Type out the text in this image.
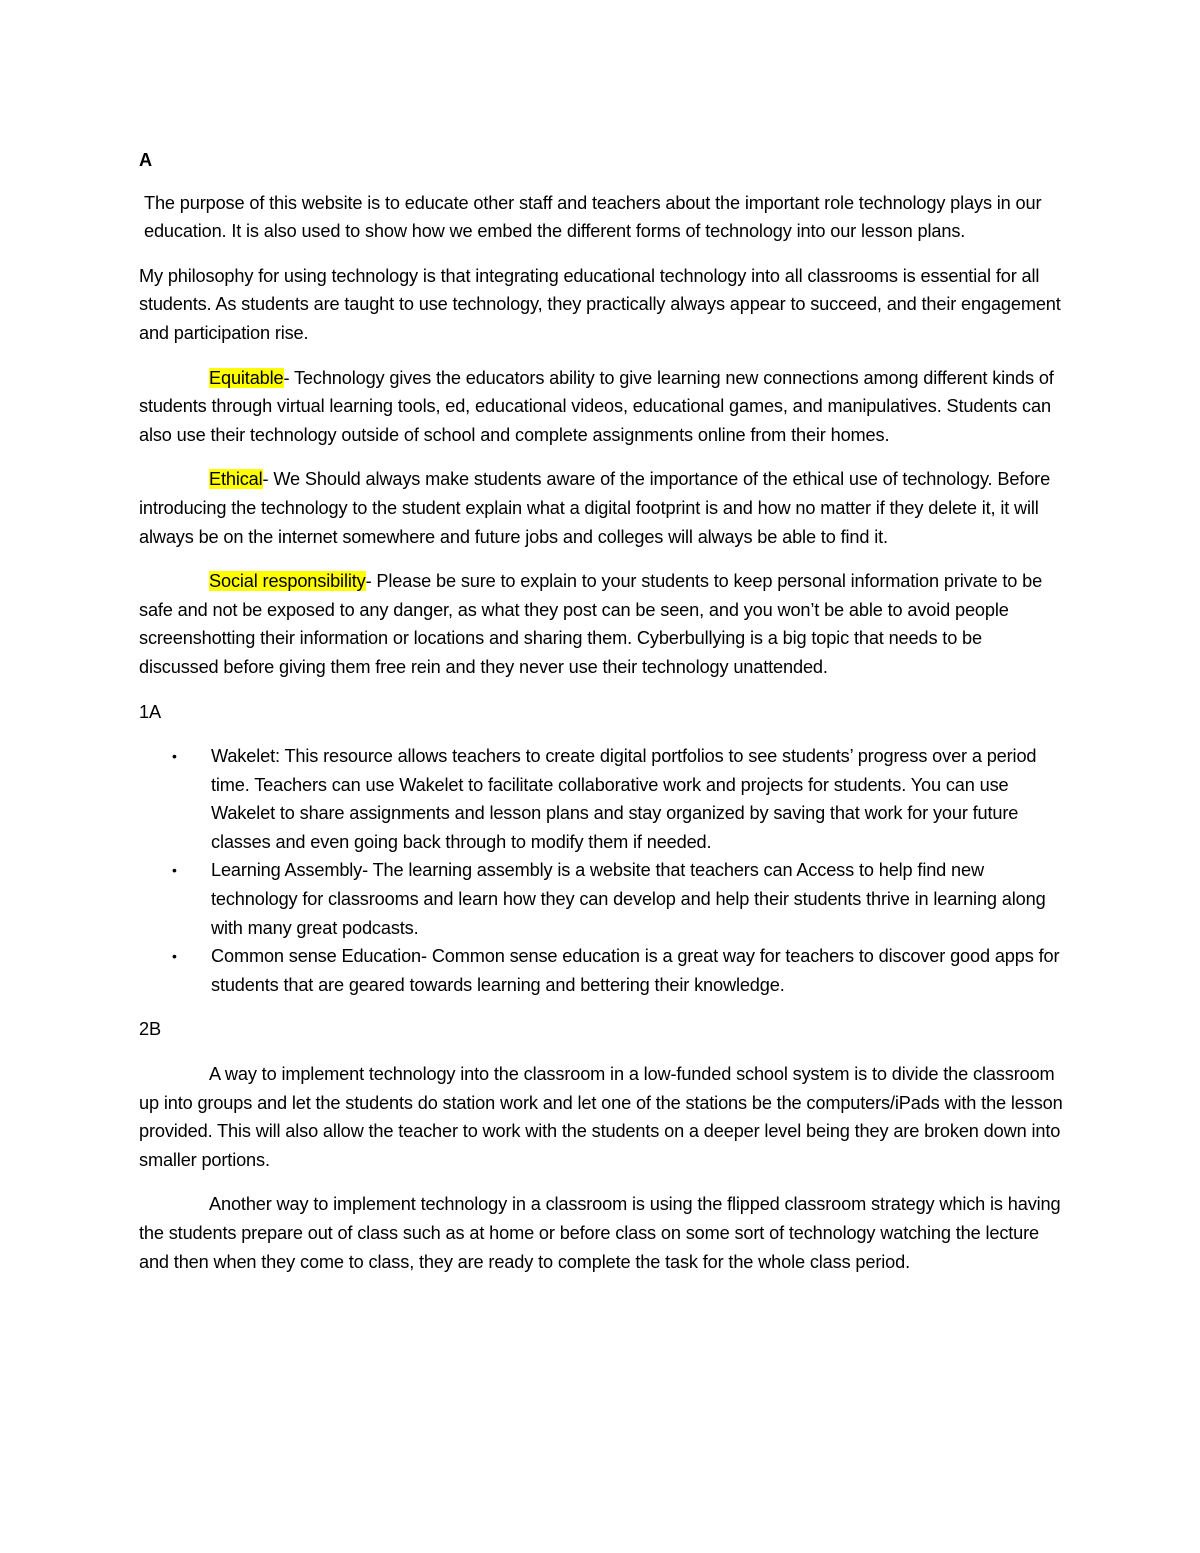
A

The purpose of this website is to educate other staff and teachers about the important role technology plays in our education. It is also used to show how we embed the different forms of technology into our lesson plans.

My philosophy for using technology is that integrating educational technology into all classrooms is essential for all students. As students are taught to use technology, they practically always appear to succeed, and their engagement and participation rise.

Equitable- Technology gives the educators ability to give learning new connections among different kinds of students through virtual learning tools, ed, educational videos, educational games, and manipulatives. Students can also use their technology outside of school and complete assignments online from their homes.

Ethical- We Should always make students aware of the importance of the ethical use of technology. Before introducing the technology to the student explain what a digital footprint is and how no matter if they delete it, it will always be on the internet somewhere and future jobs and colleges will always be able to find it.

Social responsibility- Please be sure to explain to your students to keep personal information private to be safe and not be exposed to any danger, as what they post can be seen, and you won’t be able to avoid people screenshotting their information or locations and sharing them. Cyberbullying is a big topic that needs to be discussed before giving them free rein and they never use their technology unattended.

1A

• Wakelet: This resource allows teachers to create digital portfolios to see students’ progress over a period time. Teachers can use Wakelet to facilitate collaborative work and projects for students. You can use Wakelet to share assignments and lesson plans and stay organized by saving that work for your future classes and even going back through to modify them if needed.
• Learning Assembly- The learning assembly is a website that teachers can Access to help find new technology for classrooms and learn how they can develop and help their students thrive in learning along with many great podcasts.
• Common sense Education- Common sense education is a great way for teachers to discover good apps for students that are geared towards learning and bettering their knowledge.

2B

A way to implement technology into the classroom in a low-funded school system is to divide the classroom up into groups and let the students do station work and let one of the stations be the computers/iPads with the lesson provided. This will also allow the teacher to work with the students on a deeper level being they are broken down into smaller portions.

Another way to implement technology in a classroom is using the flipped classroom strategy which is having the students prepare out of class such as at home or before class on some sort of technology watching the lecture and then when they come to class, they are ready to complete the task for the whole class period.
